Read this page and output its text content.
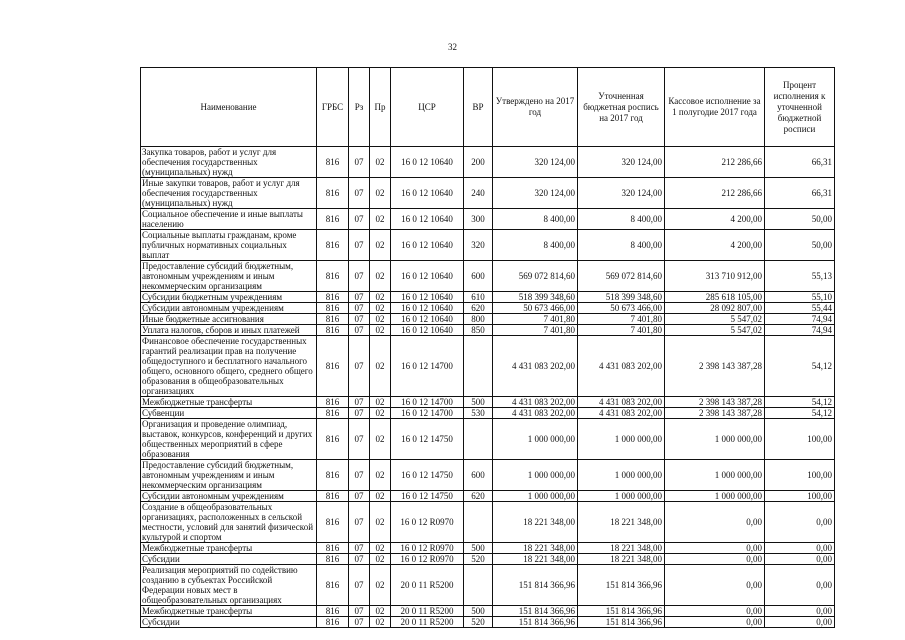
32
Наименование	ГРБС	Рз	Пр	ЦСР	ВР	Утверждено на 2017 год	Уточненная бюджетная роспись на 2017 год	Кассовое исполнение за 1 полугодие 2017 года	Процент исполнения к уточненной бюджетной росписи
Закупка товаров, работ и услуг для обеспечения государственных (муниципальных) нужд	816	07	02	16 0 12 10640	200	320 124,00	320 124,00	212 286,66	66,31
Иные закупки товаров, работ и услуг для обеспечения государственных (муниципальных) нужд	816	07	02	16 0 12 10640	240	320 124,00	320 124,00	212 286,66	66,31
Социальное обеспечение и иные выплаты населению	816	07	02	16 0 12 10640	300	8 400,00	8 400,00	4 200,00	50,00
Социальные выплаты гражданам, кроме публичных нормативных социальных выплат	816	07	02	16 0 12 10640	320	8 400,00	8 400,00	4 200,00	50,00
Предоставление субсидий бюджетным, автономным учреждениям и иным некоммерческим организациям	816	07	02	16 0 12 10640	600	569 072 814,60	569 072 814,60	313 710 912,00	55,13
Субсидии бюджетным учреждениям	816	07	02	16 0 12 10640	610	518 399 348,60	518 399 348,60	285 618 105,00	55,10
Субсидии автономным учреждениям	816	07	02	16 0 12 10640	620	50 673 466,00	50 673 466,00	28 092 807,00	55,44
Иные бюджетные ассигнования	816	07	02	16 0 12 10640	800	7 401,80	7 401,80	5 547,02	74,94
Уплата налогов, сборов и иных платежей	816	07	02	16 0 12 10640	850	7 401,80	7 401,80	5 547,02	74,94
Финансовое обеспечение государственных гарантий реализации прав на получение общедоступного и бесплатного начального общего, основного общего, среднего общего образования в общеобразовательных организациях	816	07	02	16 0 12 14700		4 431 083 202,00	4 431 083 202,00	2 398 143 387,28	54,12
Межбюджетные трансферты	816	07	02	16 0 12 14700	500	4 431 083 202,00	4 431 083 202,00	2 398 143 387,28	54,12
Субвенции	816	07	02	16 0 12 14700	530	4 431 083 202,00	4 431 083 202,00	2 398 143 387,28	54,12
Организация и проведение олимпиад, выставок, конкурсов, конференций и других общественных мероприятий в сфере образования	816	07	02	16 0 12 14750		1 000 000,00	1 000 000,00	1 000 000,00	100,00
Предоставление субсидий бюджетным, автономным учреждениям и иным некоммерческим организациям	816	07	02	16 0 12 14750	600	1 000 000,00	1 000 000,00	1 000 000,00	100,00
Субсидии автономным учреждениям	816	07	02	16 0 12 14750	620	1 000 000,00	1 000 000,00	1 000 000,00	100,00
Создание в общеобразовательных организациях, расположенных в сельской местности, условий для занятий физической культурой и спортом	816	07	02	16 0 12 R0970		18 221 348,00	18 221 348,00	0,00	0,00
Межбюджетные трансферты	816	07	02	16 0 12 R0970	500	18 221 348,00	18 221 348,00	0,00	0,00
Субсидии	816	07	02	16 0 12 R0970	520	18 221 348,00	18 221 348,00	0,00	0,00
Реализация мероприятий по содействию созданию в субъектах Российской Федерации новых мест в общеобразовательных организациях	816	07	02	20 0 11 R5200		151 814 366,96	151 814 366,96	0,00	0,00
Межбюджетные трансферты	816	07	02	20 0 11 R5200	500	151 814 366,96	151 814 366,96	0,00	0,00
Субсидии	816	07	02	20 0 11 R5200	520	151 814 366,96	151 814 366,96	0,00	0,00
